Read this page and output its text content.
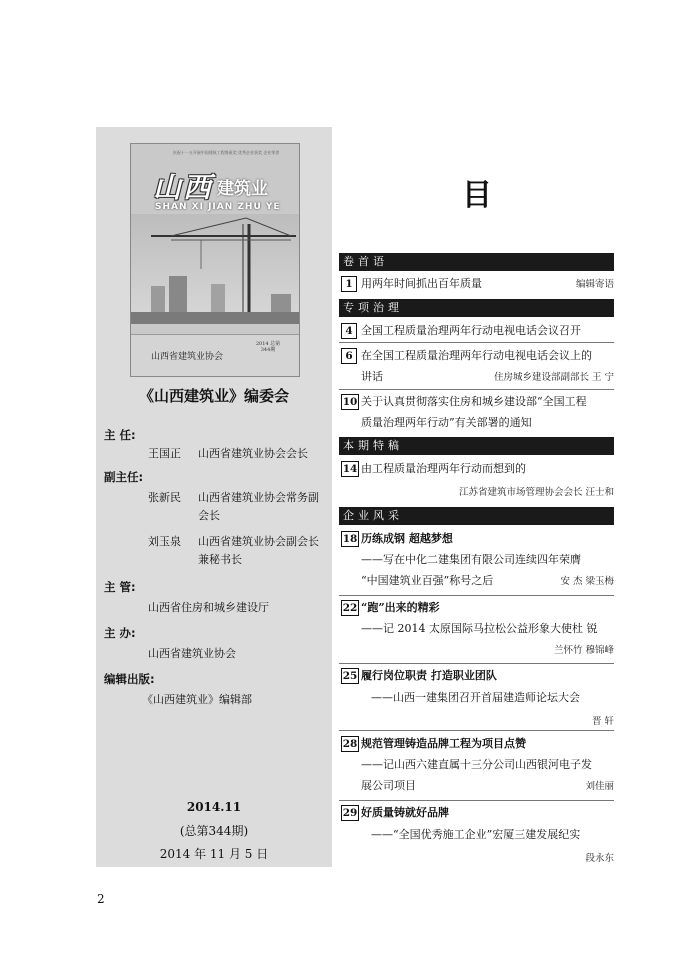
庆祝十一五开展中国建筑工程鲁班奖 优秀企业获奖 企业荣誉
山西 建筑业
SHAN XI JIAN ZHU YE
山西省建筑业协会
2014 总第344期
《山西建筑业》编委会
主 任:
王国正 山西省建筑业协会会长
副主任:
张新民 山西省建筑业协会常务副
会长
刘玉泉 山西省建筑业协会副会长
兼秘书长
主 管:
山西省住房和城乡建设厅
主 办:
山西省建筑业协会
编辑出版:
《山西建筑业》编辑部
2014.11
(总第344期)
2014 年 11 月 5 日
目
卷首语
1 用两年时间抓出百年质量	编辑寄语
专项治理
4 全国工程质量治理两年行动电视电话会议召开
6 在全国工程质量治理两年行动电视电话会议上的
讲话	住房城乡建设部副部长 王 宁
10 关于认真贯彻落实住房和城乡建设部“全国工程
质量治理两年行动”有关部署的通知
本期特稿
14 由工程质量治理两年行动而想到的
江苏省建筑市场管理协会会长 汪士和
企业风采
18 历练成钢 超越梦想
——写在中化二建集团有限公司连续四年荣膺
“中国建筑业百强”称号之后	安 杰 梁玉梅
22 “跑”出来的精彩
——记 2014 太原国际马拉松公益形象大使杜 锐
兰怀竹 穆锦峰
25 履行岗位职责 打造职业团队
——山西一建集团召开首届建造师论坛大会
晋 轩
28 规范管理铸造品牌工程为项目点赞
——记山西六建直属十三分公司山西银河电子发
展公司项目	刘佳丽
29 好质量铸就好品牌
——“全国优秀施工企业”宏厦三建发展纪实
段永东
2
